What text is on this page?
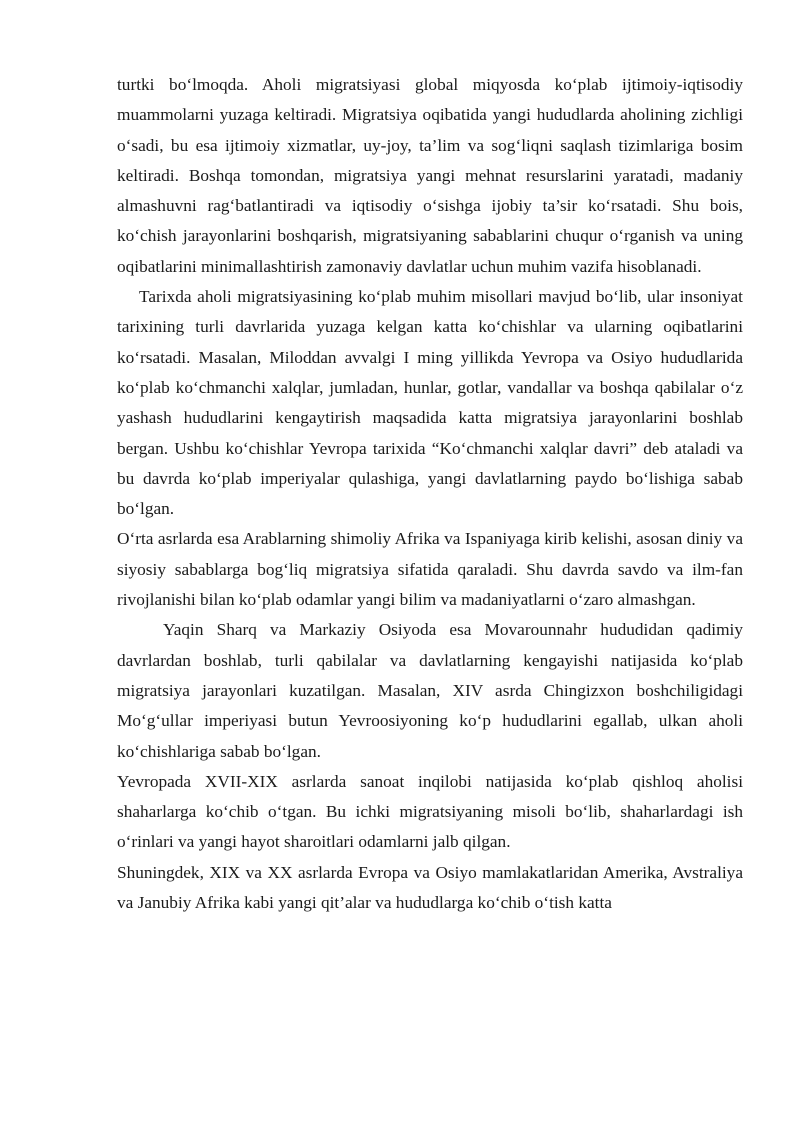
turtki bo‘lmoqda. Aholi migratsiyasi global miqyosda ko‘plab ijtimoiy-iqtisodiy muammolarni yuzaga keltiradi. Migratsiya oqibatida yangi hududlarda aholining zichligi o‘sadi, bu esa ijtimoiy xizmatlar, uy-joy, ta’lim va sog‘liqni saqlash tizimlariga bosim keltiradi. Boshqa tomondan, migratsiya yangi mehnat resurslarini yaratadi, madaniy almashuvni rag‘batlantiradi va iqtisodiy o‘sishga ijobiy ta’sir ko‘rsatadi. Shu bois, ko‘chish jarayonlarini boshqarish, migratsiyaning sabablarini chuqur o‘rganish va uning oqibatlarini minimallashtirish zamonaviy davlatlar uchun muhim vazifa hisoblanadi.

Tarixda aholi migratsiyasining ko‘plab muhim misollari mavjud bo‘lib, ular insoniyat tarixining turli davrlarida yuzaga kelgan katta ko‘chishlar va ularning oqibatlarini ko‘rsatadi. Masalan, Miloddan avvalgi I ming yillikda Yevropa va Osiyo hududlarida ko‘plab ko‘chmanchi xalqlar, jumladan, hunlar, gotlar, vandallar va boshqa qabilalar o‘z yashash hududlarini kengaytirish maqsadida katta migratsiya jarayonlarini boshlab bergan. Ushbu ko‘chishlar Yevropa tarixida “Ko‘chmanchi xalqlar davri” deb ataladi va bu davrda ko‘plab imperiyalar qulashiga, yangi davlatlarning paydo bo‘lishiga sabab bo‘lgan.

O‘rta asrlarda esa Arablarning shimoliy Afrika va Ispaniyaga kirib kelishi, asosan diniy va siyosiy sabablarga bog‘liq migratsiya sifatida qaraladi. Shu davrda savdo va ilm-fan rivojlanishi bilan ko‘plab odamlar yangi bilim va madaniyatlarni o‘zaro almashgan.

Yaqin Sharq va Markaziy Osiyoda esa Movarounnahr hududidan qadimiy davrlardan boshlab, turli qabilalar va davlatlarning kengayishi natijasida ko‘plab migratsiya jarayonlari kuzatilgan. Masalan, XIV asrda Chingizxon boshchiligidagi Mo‘g‘ullar imperiyasi butun Yevroosiyoning ko‘p hududlarini egallab, ulkan aholi ko‘chishlariga sabab bo‘lgan.

Yevropada XVII-XIX asrlarda sanoat inqilobi natijasida ko‘plab qishloq aholisi shaharlarga ko‘chib o‘tgan. Bu ichki migratsiyaning misoli bo‘lib, shaharlardagi ish o‘rinlari va yangi hayot sharoitlari odamlarni jalb qilgan.

Shuningdek, XIX va XX asrlarda Evropa va Osiyo mamlakatlaridan Amerika, Avstraliya va Janubiy Afrika kabi yangi qit’alar va hududlarga ko‘chib o‘tish katta
